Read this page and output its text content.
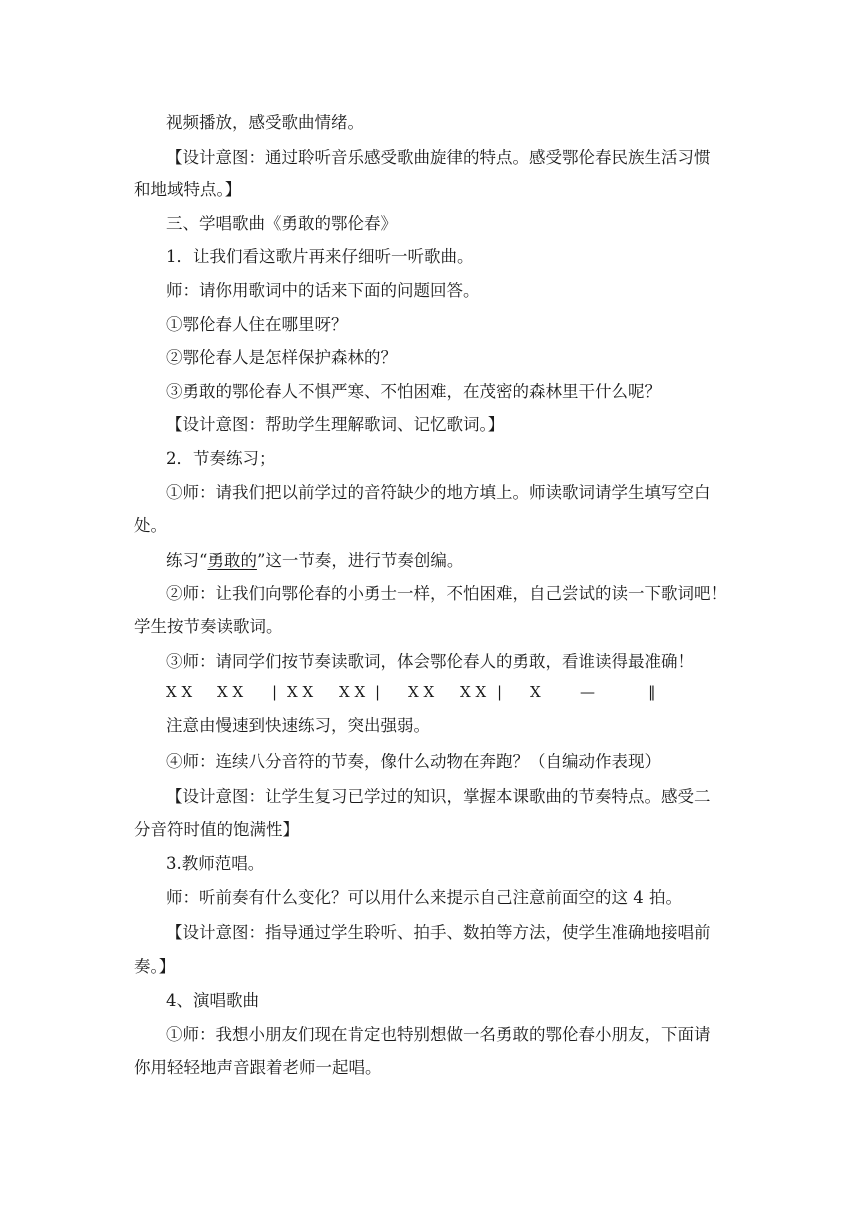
视频播放，感受歌曲情绪。
【设计意图：通过聆听音乐感受歌曲旋律的特点。感受鄂伦春民族生活习惯
和地域特点。】
三、学唱歌曲《勇敢的鄂伦春》
1．让我们看这歌片再来仔细听一听歌曲。
师：请你用歌词中的话来下面的问题回答。
①鄂伦春人住在哪里呀？
②鄂伦春人是怎样保护森林的？
③勇敢的鄂伦春人不惧严寒、不怕困难，在茂密的森林里干什么呢？
【设计意图：帮助学生理解歌词、记忆歌词。】
2．节奏练习；
①师：请我们把以前学过的音符缺少的地方填上。师读歌词请学生填写空白
处。
练习“勇敢的”这一节奏，进行节奏创编。
②师：让我们向鄂伦春的小勇士一样，不怕困难，自己尝试的读一下歌词吧！
学生按节奏读歌词。
③师：请同学们按节奏读歌词，体会鄂伦春人的勇敢，看谁读得最准确！
X X X X | X X X X | X X X X | X	—	‖
注意由慢速到快速练习，突出强弱。
④师：连续八分音符的节奏，像什么动物在奔跑？（自编动作表现）
【设计意图：让学生复习已学过的知识，掌握本课歌曲的节奏特点。感受二
分音符时值的饱满性】
3.教师范唱。
师：听前奏有什么变化？可以用什么来提示自己注意前面空的这 4 拍。
【设计意图：指导通过学生聆听、拍手、数拍等方法，使学生准确地接唱前
奏。】
4、演唱歌曲
①师：我想小朋友们现在肯定也特别想做一名勇敢的鄂伦春小朋友，下面请
你用轻轻地声音跟着老师一起唱。
